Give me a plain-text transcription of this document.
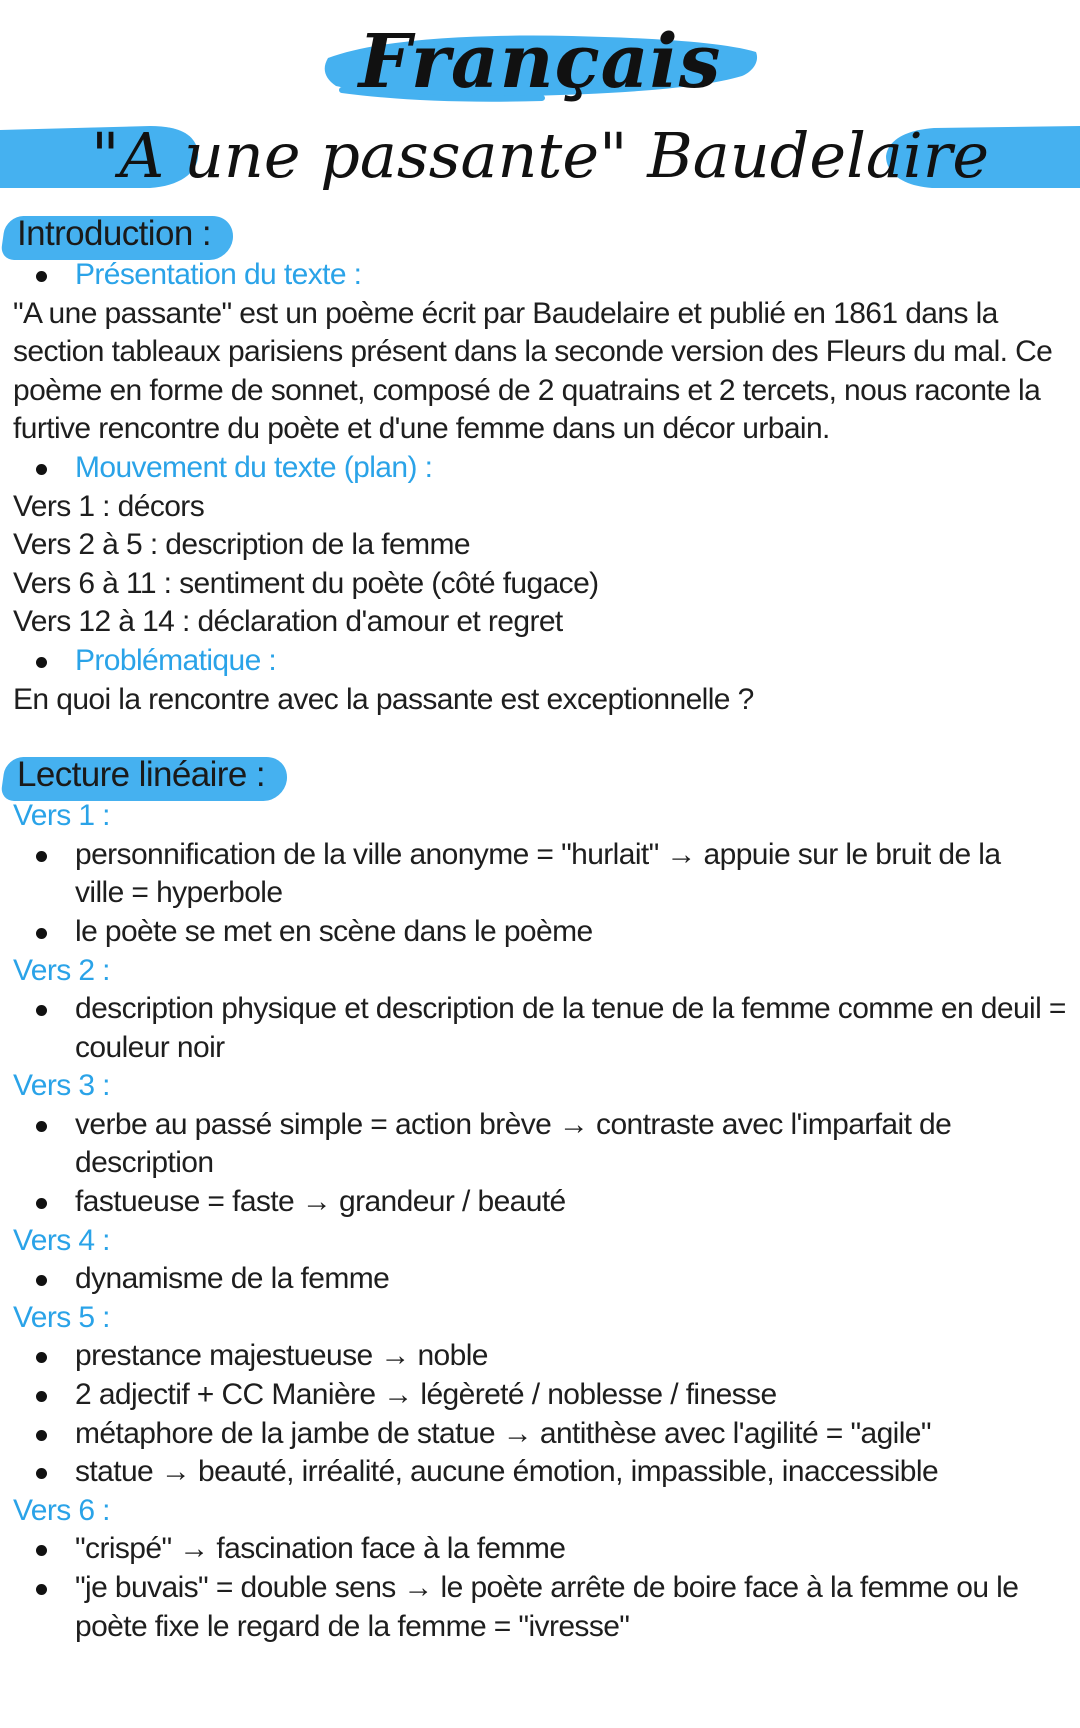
Français
"A une passante" Baudelaire
Introduction :
Présentation du texte :
"A une passante" est un poème écrit par Baudelaire et publié en 1861 dans la
section tableaux parisiens présent dans la seconde version des Fleurs du mal. Ce
poème en forme de sonnet, composé de 2 quatrains et 2 tercets, nous raconte la
furtive rencontre du poète et d'une femme dans un décor urbain.
Mouvement du texte (plan) :
Vers 1 : décors
Vers 2 à 5 : description de la femme
Vers 6 à 11 : sentiment du poète (côté fugace)
Vers 12 à 14 : déclaration d'amour et regret
Problématique :
En quoi la rencontre avec la passante est exceptionnelle ?
Lecture linéaire :
Vers 1 :
personnification de la ville anonyme = "hurlait" → appuie sur le bruit de la
ville = hyperbole
le poète se met en scène dans le poème
Vers 2 :
description physique et description de la tenue de la femme comme en deuil =
couleur noir
Vers 3 :
verbe au passé simple = action brève → contraste avec l'imparfait de
description
fastueuse = faste → grandeur / beauté
Vers 4 :
dynamisme de la femme
Vers 5 :
prestance majestueuse → noble
2 adjectif + CC Manière → légèreté / noblesse / finesse
métaphore de la jambe de statue → antithèse avec l'agilité = "agile"
statue → beauté, irréalité, aucune émotion, impassible, inaccessible
Vers 6 :
"crispé" → fascination face à la femme
"je buvais" = double sens → le poète arrête de boire face à la femme ou le
poète fixe le regard de la femme = "ivresse"
